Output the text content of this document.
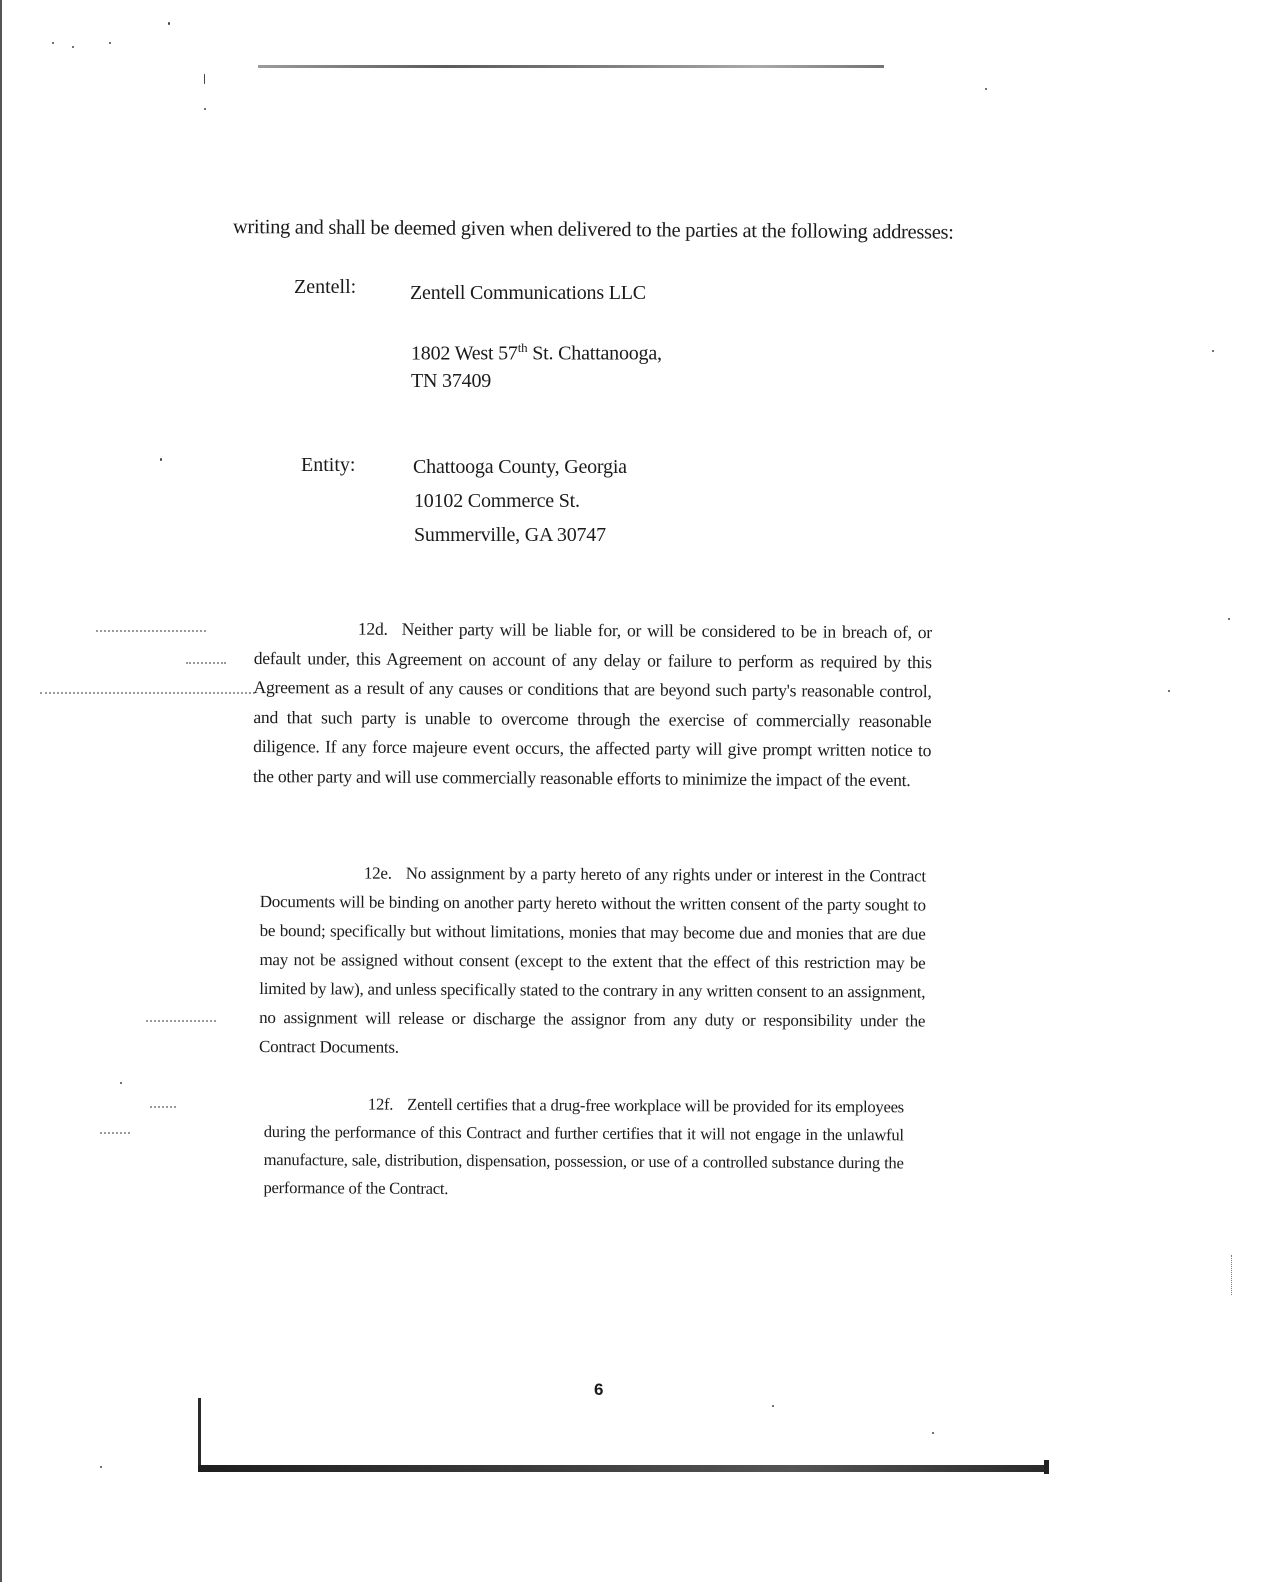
writing and shall be deemed given when delivered to the parties at the following addresses:
Zentell:	Zentell Communications LLC
1802 West 57th St. Chattanooga,
TN 37409
Entity:	Chattooga County, Georgia
10102 Commerce St.
Summerville, GA 30747
12d. Neither party will be liable for, or will be considered to be in breach of, or default under, this Agreement on account of any delay or failure to perform as required by this Agreement as a result of any causes or conditions that are beyond such party's reasonable control, and that such party is unable to overcome through the exercise of commercially reasonable diligence. If any force majeure event occurs, the affected party will give prompt written notice to the other party and will use commercially reasonable efforts to minimize the impact of the event.
12e. No assignment by a party hereto of any rights under or interest in the Contract Documents will be binding on another party hereto without the written consent of the party sought to be bound; specifically but without limitations, monies that may become due and monies that are due may not be assigned without consent (except to the extent that the effect of this restriction may be limited by law), and unless specifically stated to the contrary in any written consent to an assignment, no assignment will release or discharge the assignor from any duty or responsibility under the Contract Documents.
12f. Zentell certifies that a drug-free workplace will be provided for its employees during the performance of this Contract and further certifies that it will not engage in the unlawful manufacture, sale, distribution, dispensation, possession, or use of a controlled substance during the performance of the Contract.
6
